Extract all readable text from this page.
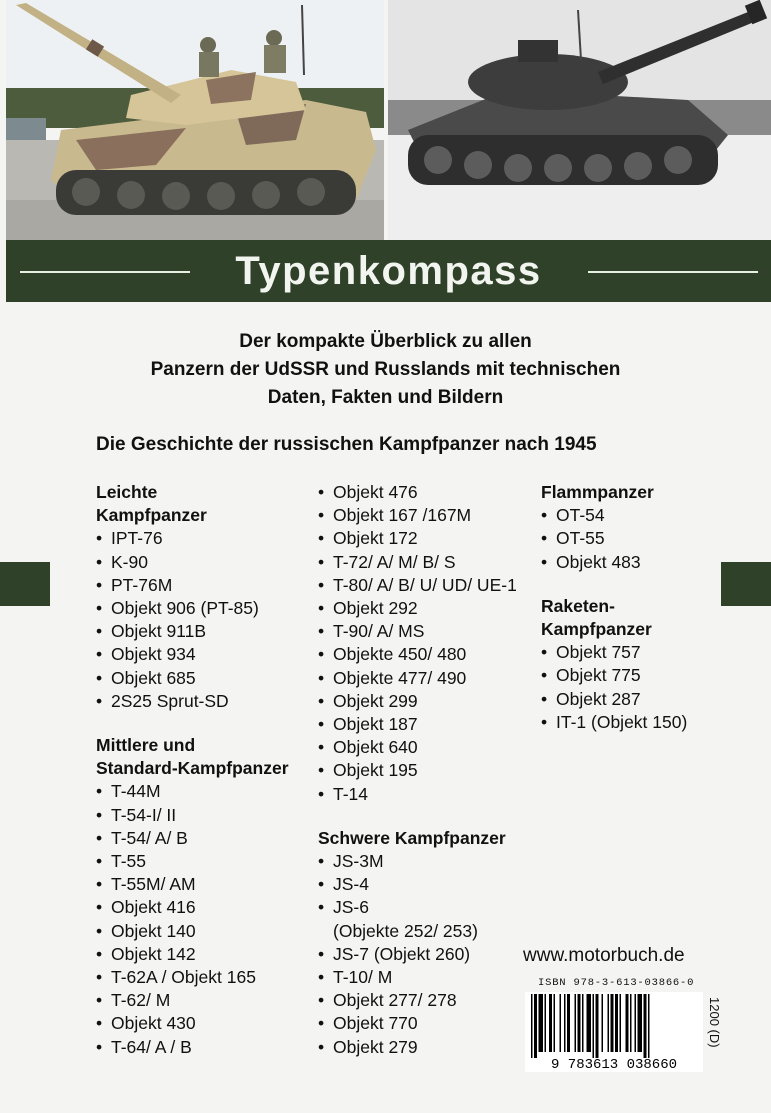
Typenkompass
Der kompakte Überblick zu allen
Panzern der UdSSR und Russlands mit technischen
Daten, Fakten und Bildern
Die Geschichte der russischen Kampfpanzer nach 1945
Leichte
Kampfpanzer
• IPT-76
• K-90
• PT-76M
• Objekt 906 (PT-85)
• Objekt 911B
• Objekt 934
• Objekt 685
• 2S25 Sprut-SD
Mittlere und
Standard-Kampfpanzer
• T-44M
• T-54-I/ II
• T-54/ A/ B
• T-55
• T-55M/ AM
• Objekt 416
• Objekt 140
• Objekt 142
• T-62A / Objekt 165
• T-62/ M
• Objekt 430
• T-64/ A / B
• Objekt 476
• Objekt 167 /167M
• Objekt 172
• T-72/ A/ M/ B/ S
• T-80/ A/ B/ U/ UD/ UE-1
• Objekt 292
• T-90/ A/ MS
• Objekte 450/ 480
• Objekte 477/ 490
• Objekt 299
• Objekt 187
• Objekt 640
• Objekt 195
• T-14
Schwere Kampfpanzer
• JS-3M
• JS-4
• JS-6
(Objekte 252/ 253)
• JS-7 (Objekt 260)
• T-10/ M
• Objekt 277/ 278
• Objekt 770
• Objekt 279
Flammpanzer
• OT-54
• OT-55
• Objekt 483
Raketen-
Kampfpanzer
• Objekt 757
• Objekt 775
• Objekt 287
• IT-1 (Objekt 150)
www.motorbuch.de
ISBN 978-3-613-03866-0
9 783613 038660
1200 (D)
